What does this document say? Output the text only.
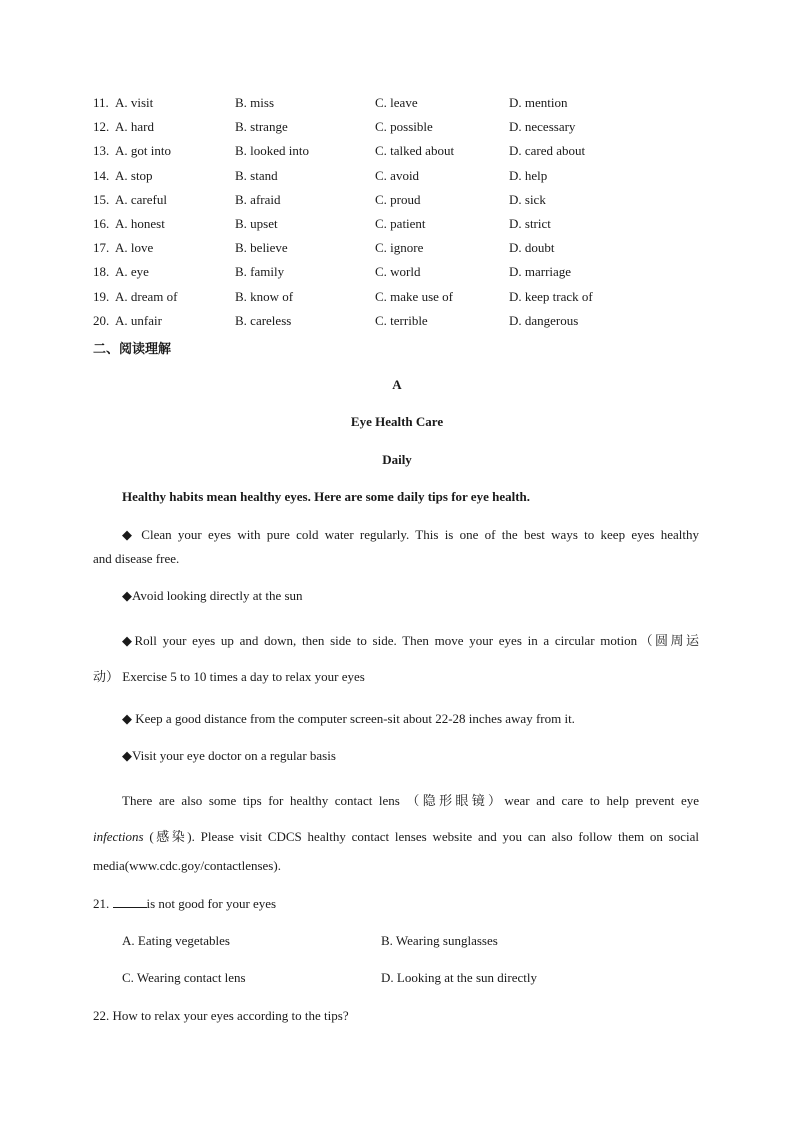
11. A. visit	B. miss	C. leave	D. mention
12. A. hard	B. strange	C. possible	D. necessary
13. A. got into	B. looked into	C. talked about	D. cared about
14. A. stop	B. stand	C. avoid	D. help
15. A. careful	B. afraid	C. proud	D. sick
16. A. honest	B. upset	C. patient	D. strict
17. A. love	B. believe	C. ignore	D. doubt
18. A. eye	B. family	C. world	D. marriage
19. A. dream of	B. know of	C. make use of	D. keep track of
20. A. unfair	B. careless	C. terrible	D. dangerous
二、阅读理解
A
Eye Health Care
Daily
Healthy habits mean healthy eyes. Here are some daily tips for eye health.
◆ Clean your eyes with pure cold water regularly. This is one of the best ways to keep eyes healthy
and disease free.
◆Avoid looking directly at the sun
◆Roll your eyes up and down, then side to side. Then move your eyes in a circular motion（圆周运
动） Exercise 5 to 10 times a day to relax your eyes
◆ Keep a good distance from the computer screen-sit about 22-28 inches away from it.
◆Visit your eye doctor on a regular basis
There are also some tips for healthy contact lens （隐形眼镜）wear and care to help prevent eye
infections (感染). Please visit CDCS healthy contact lenses website and you can also follow them on social
media(www.cdc.goy/contactlenses).
21.	is not good for your eyes
A. Eating vegetables	B. Wearing sunglasses
C. Wearing contact lens	D. Looking at the sun directly
22. How to relax your eyes according to the tips?
